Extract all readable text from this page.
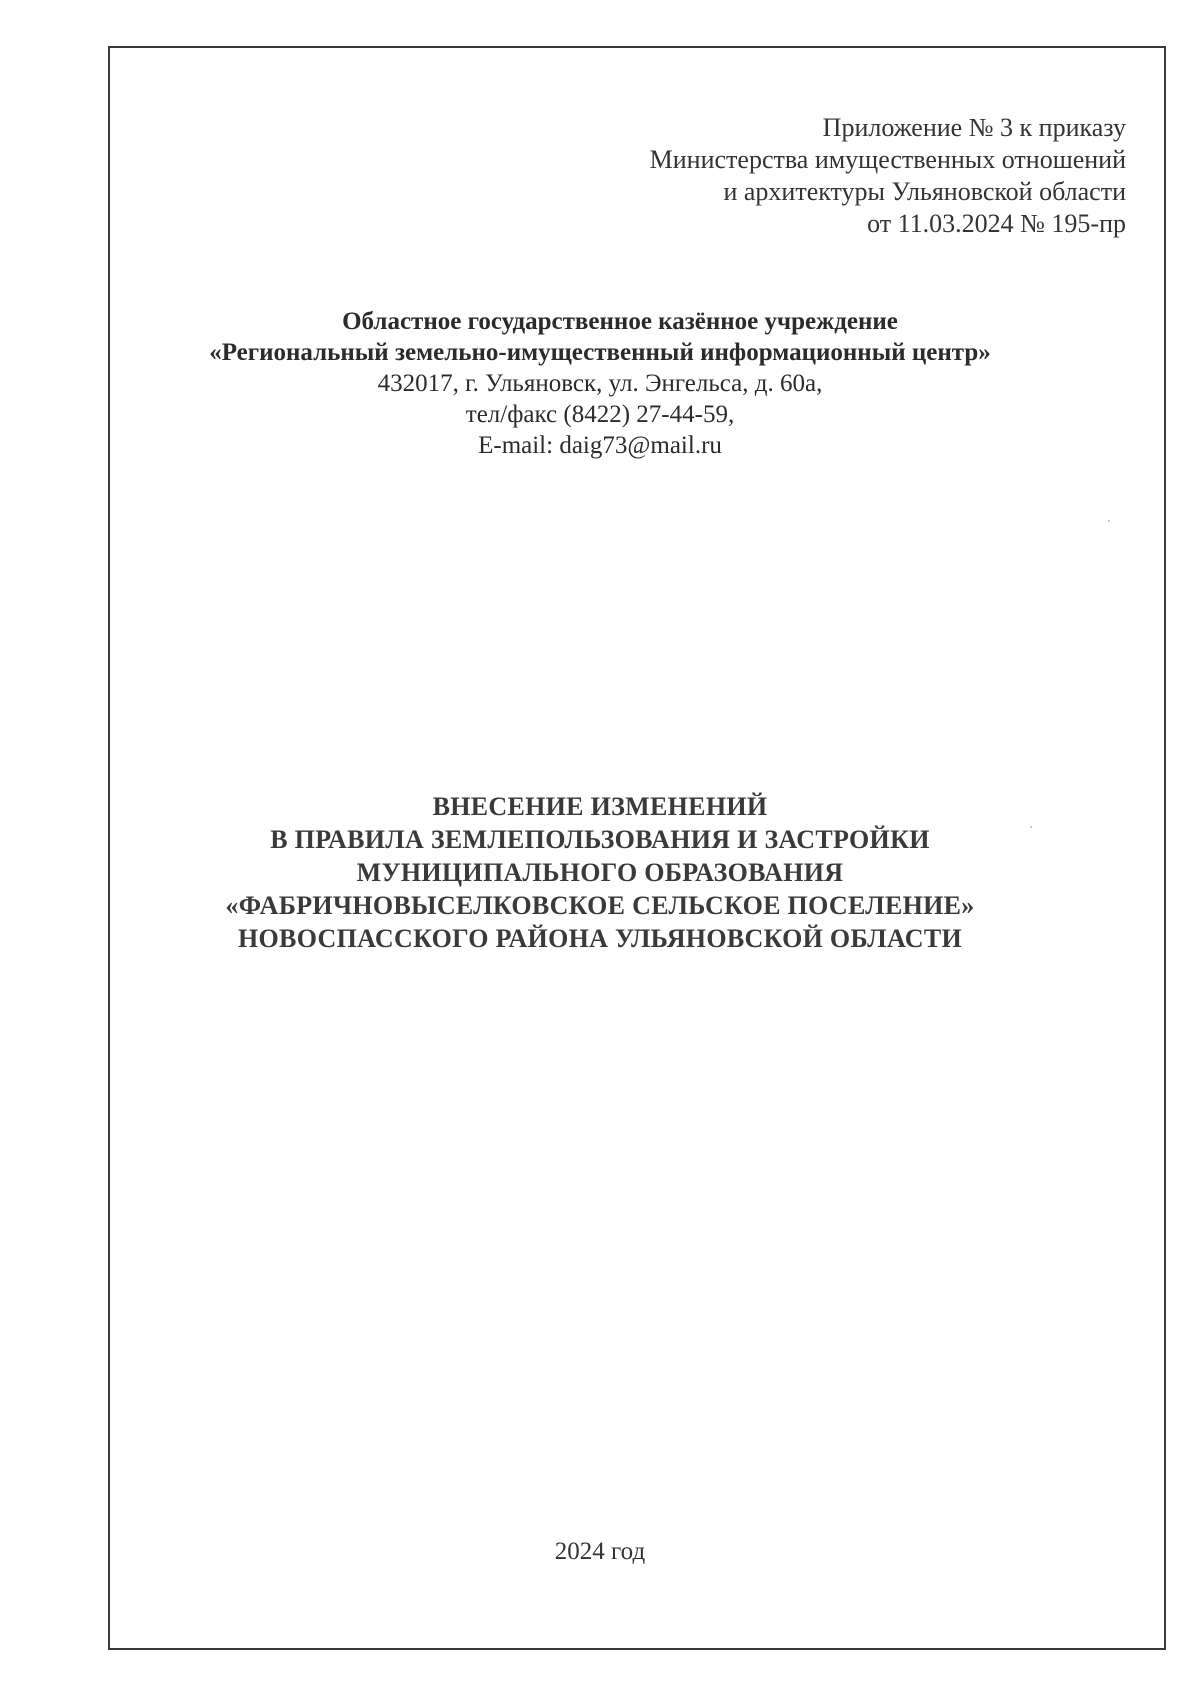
Приложение № 3 к приказу
Министерства имущественных отношений
и архитектуры Ульяновской области
от 11.03.2024 № 195-пр
Областное государственное казённое учреждение
«Региональный земельно-имущественный информационный центр»
432017, г. Ульяновск, ул. Энгельса, д. 60а,
тел/факс (8422) 27-44-59,
E-mail: daig73@mail.ru
ВНЕСЕНИЕ ИЗМЕНЕНИЙ
В ПРАВИЛА ЗЕМЛЕПОЛЬЗОВАНИЯ И ЗАСТРОЙКИ
МУНИЦИПАЛЬНОГО ОБРАЗОВАНИЯ
«ФАБРИЧНОВЫСЕЛКОВСКОЕ СЕЛЬСКОЕ ПОСЕЛЕНИЕ»
НОВОСПАССКОГО РАЙОНА УЛЬЯНОВСКОЙ ОБЛАСТИ
2024 год
